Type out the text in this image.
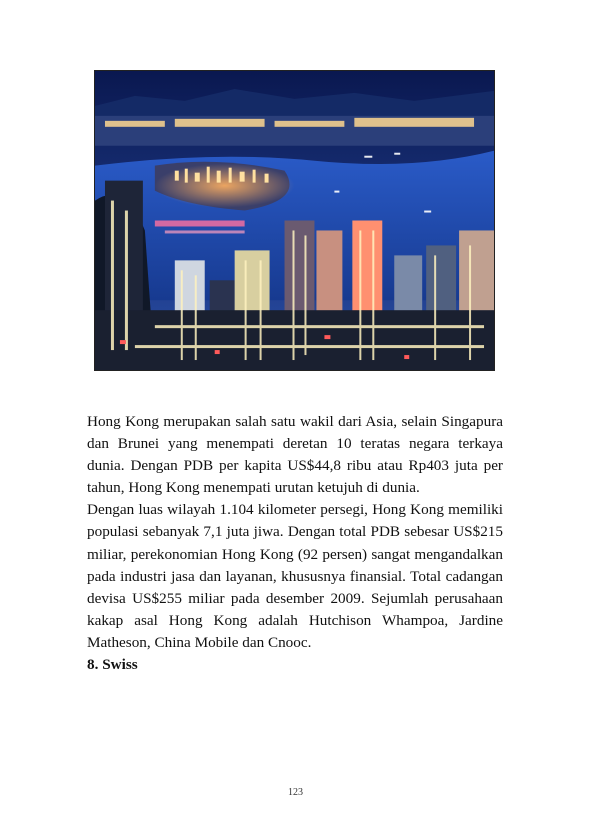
Hong Kong merupakan salah satu wakil dari Asia, selain Singapura dan Brunei yang menempati deretan 10 teratas negara terkaya dunia. Dengan PDB per kapita US$44,8 ribu atau Rp403 juta per tahun, Hong Kong menempati urutan ketujuh di dunia.

Dengan luas wilayah 1.104 kilometer persegi, Hong Kong memiliki populasi sebanyak 7,1 juta jiwa. Dengan total PDB sebesar US$215 miliar, perekonomian Hong Kong (92 persen) sangat mengandalkan pada industri jasa dan layanan, khususnya finansial. Total cadangan devisa US$255 miliar pada desember 2009. Sejumlah perusahaan kakap asal Hong Kong adalah Hutchison Whampoa, Jardine Matheson, China Mobile dan Cnooc.

8. Swiss

123
